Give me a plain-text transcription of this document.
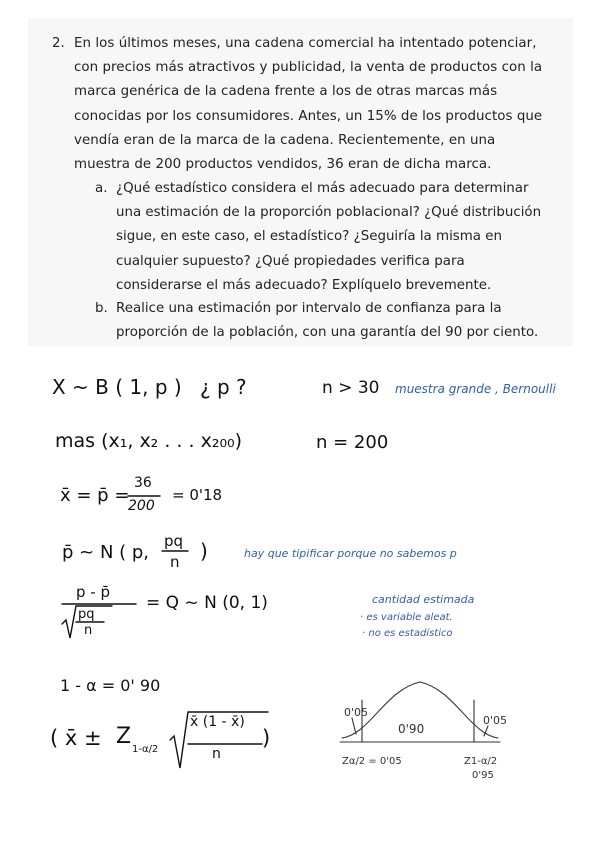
2. En los últimos meses, una cadena comercial ha intentado potenciar,
con precios más atractivos y publicidad, la venta de productos con la
marca genérica de la cadena frente a los de otras marcas más
conocidas por los consumidores. Antes, un 15% de los productos que
vendía eran de la marca de la cadena. Recientemente, en una
muestra de 200 productos vendidos, 36 eran de dicha marca.
a. ¿Qué estadístico considera el más adecuado para determinar
una estimación de la proporción poblacional? ¿Qué distribución
sigue, en este caso, el estadístico? ¿Seguiría la misma en
cualquier supuesto? ¿Qué propiedades verifica para
considerarse el más adecuado? Explíquelo brevemente.
b. Realice una estimación por intervalo de confianza para la
proporción de la población, con una garantía del 90 por ciento.
X ~ B ( 1, p ) ¿ p ?	n > 30 muestra grande , Bernoulli
mas (x₁, x₂ . . . x₂₀₀)	n = 200
x̄ = p̄ =
36
200
= 0'18
p̄ ~ N ( p,
pq
n )	hay que tipificar porque no sabemos p
p - p̄
pq
n
= Q ~ N (0, 1)	cantidad estimada
· es variable aleat.
· no es estadístico
1 - α = 0' 90
( x̄ ± Z
1-α/2
x̄ (1 - x̄)
n
)
0'05
0'90
0'05
Zα/2 = 0'05	Z1-α/2
0'95
